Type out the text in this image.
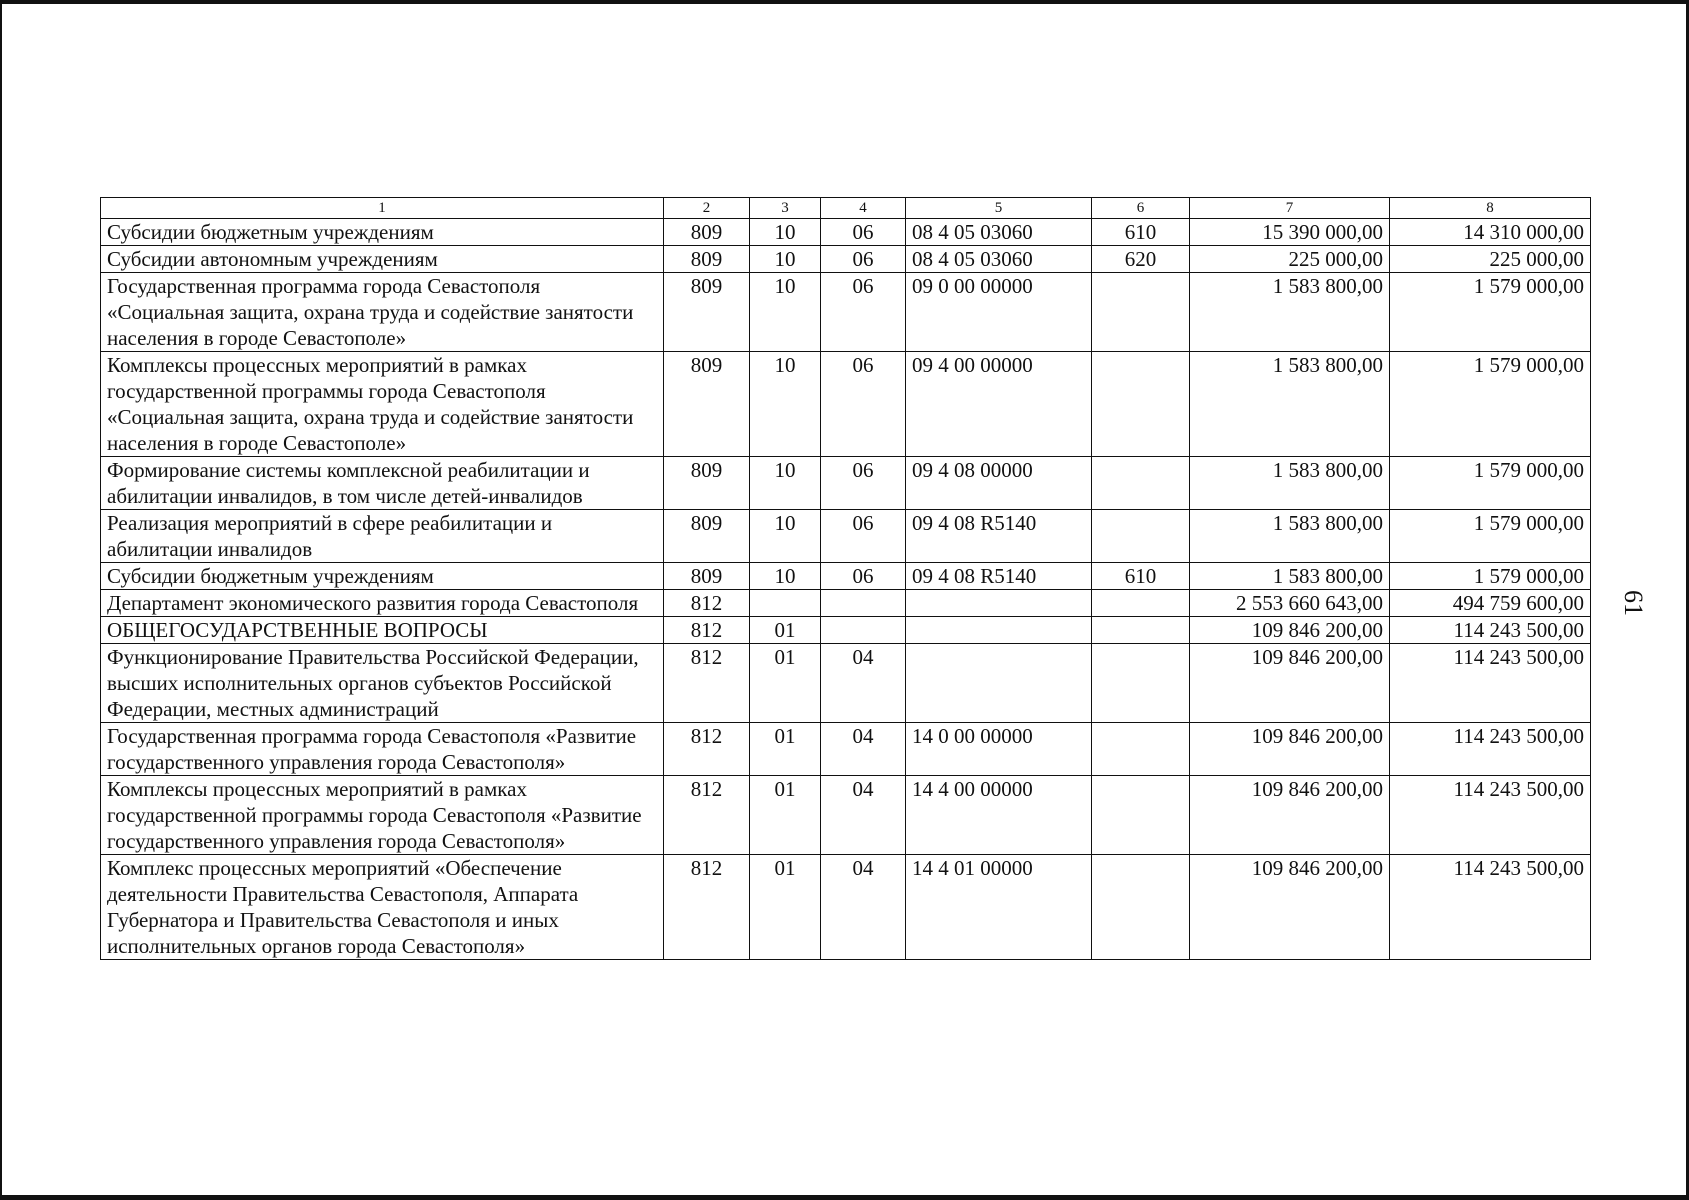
61
1	2	3	4	5	6	7	8
Субсидии бюджетным учреждениям	809	10	06	08 4 05 03060	610	15 390 000,00	14 310 000,00
Субсидии автономным учреждениям	809	10	06	08 4 05 03060	620	225 000,00	225 000,00
Государственная программа города Севастополя «Социальная защита, охрана труда и содействие занятости населения в городе Севастополе»	809	10	06	09 0 00 00000		1 583 800,00	1 579 000,00
Комплексы процессных мероприятий в рамках государственной программы города Севастополя «Социальная защита, охрана труда и содействие занятости населения в городе Севастополе»	809	10	06	09 4 00 00000		1 583 800,00	1 579 000,00
Формирование системы комплексной реабилитации и абилитации инвалидов, в том числе детей-инвалидов	809	10	06	09 4 08 00000		1 583 800,00	1 579 000,00
Реализация мероприятий в сфере реабилитации и абилитации инвалидов	809	10	06	09 4 08 R5140		1 583 800,00	1 579 000,00
Субсидии бюджетным учреждениям	809	10	06	09 4 08 R5140	610	1 583 800,00	1 579 000,00
Департамент экономического развития города Севастополя	812					2 553 660 643,00	494 759 600,00
ОБЩЕГОСУДАРСТВЕННЫЕ ВОПРОСЫ	812	01				109 846 200,00	114 243 500,00
Функционирование Правительства Российской Федерации, высших исполнительных органов субъектов Российской Федерации, местных администраций	812	01	04			109 846 200,00	114 243 500,00
Государственная программа города Севастополя «Развитие государственного управления города Севастополя»	812	01	04	14 0 00 00000		109 846 200,00	114 243 500,00
Комплексы процессных мероприятий в рамках государственной программы города Севастополя «Развитие государственного управления города Севастополя»	812	01	04	14 4 00 00000		109 846 200,00	114 243 500,00
Комплекс процессных мероприятий «Обеспечение деятельности Правительства Севастополя, Аппарата Губернатора и Правительства Севастополя и иных исполнительных органов города Севастополя»	812	01	04	14 4 01 00000		109 846 200,00	114 243 500,00
